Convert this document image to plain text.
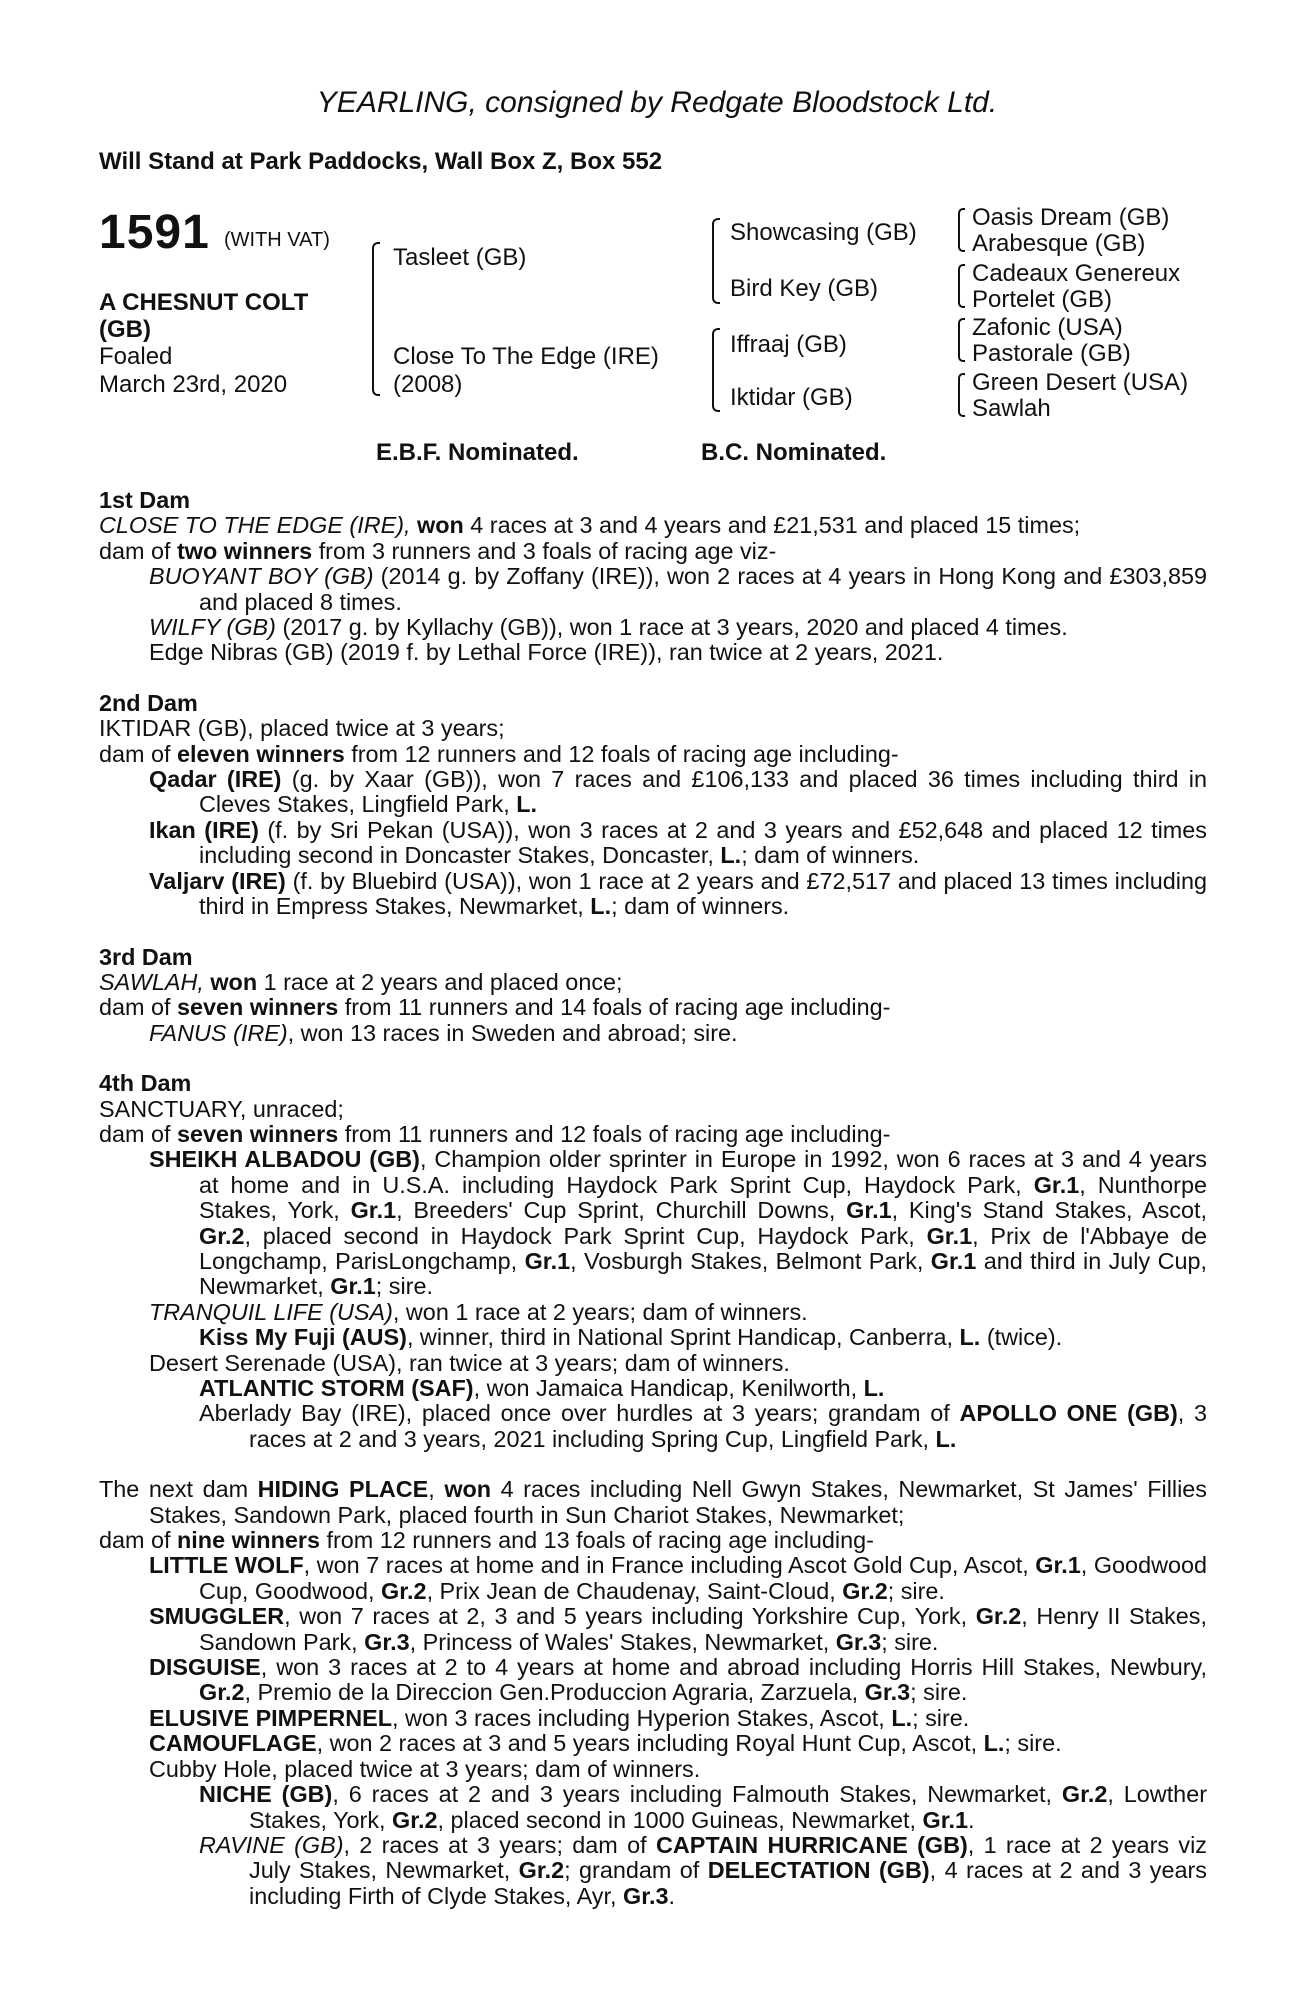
YEARLING, consigned by Redgate Bloodstock Ltd.
Will Stand at Park Paddocks, Wall Box Z, Box 552
1591 (WITH VAT)
A CHESNUT COLT
(GB)
Foaled
March 23rd, 2020
Tasleet (GB)
Close To The Edge (IRE)
(2008)
Showcasing (GB)
Bird Key (GB)
Iffraaj (GB)
Iktidar (GB)
Oasis Dream (GB)
Arabesque (GB)
Cadeaux Genereux
Portelet (GB)
Zafonic (USA)
Pastorale (GB)
Green Desert (USA)
Sawlah
E.B.F. Nominated.	B.C. Nominated.

1st Dam

CLOSE TO THE EDGE (IRE), won 4 races at 3 and 4 years and £21,531 and placed 15 times;

dam of two winners from 3 runners and 3 foals of racing age viz-

BUOYANT BOY (GB) (2014 g. by Zoffany (IRE)), won 2 races at 4 years in Hong Kong and £303,859 and placed 8 times.

WILFY (GB) (2017 g. by Kyllachy (GB)), won 1 race at 3 years, 2020 and placed 4 times.

Edge Nibras (GB) (2019 f. by Lethal Force (IRE)), ran twice at 2 years, 2021.

2nd Dam

IKTIDAR (GB), placed twice at 3 years;

dam of eleven winners from 12 runners and 12 foals of racing age including-

Qadar (IRE) (g. by Xaar (GB)), won 7 races and £106,133 and placed 36 times including third in Cleves Stakes, Lingfield Park, L.

Ikan (IRE) (f. by Sri Pekan (USA)), won 3 races at 2 and 3 years and £52,648 and placed 12 times including second in Doncaster Stakes, Doncaster, L.; dam of winners.

Valjarv (IRE) (f. by Bluebird (USA)), won 1 race at 2 years and £72,517 and placed 13 times including third in Empress Stakes, Newmarket, L.; dam of winners.

3rd Dam

SAWLAH, won 1 race at 2 years and placed once;

dam of seven winners from 11 runners and 14 foals of racing age including-

FANUS (IRE), won 13 races in Sweden and abroad; sire.

4th Dam

SANCTUARY, unraced;

dam of seven winners from 11 runners and 12 foals of racing age including-

SHEIKH ALBADOU (GB), Champion older sprinter in Europe in 1992, won 6 races at 3 and 4 years at home and in U.S.A. including Haydock Park Sprint Cup, Haydock Park, Gr.1, Nunthorpe Stakes, York, Gr.1, Breeders' Cup Sprint, Churchill Downs, Gr.1, King's Stand Stakes, Ascot, Gr.2, placed second in Haydock Park Sprint Cup, Haydock Park, Gr.1, Prix de l'Abbaye de Longchamp, ParisLongchamp, Gr.1, Vosburgh Stakes, Belmont Park, Gr.1 and third in July Cup, Newmarket, Gr.1; sire.

TRANQUIL LIFE (USA), won 1 race at 2 years; dam of winners.

Kiss My Fuji (AUS), winner, third in National Sprint Handicap, Canberra, L. (twice).

Desert Serenade (USA), ran twice at 3 years; dam of winners.

ATLANTIC STORM (SAF), won Jamaica Handicap, Kenilworth, L.

Aberlady Bay (IRE), placed once over hurdles at 3 years; grandam of APOLLO ONE (GB), 3 races at 2 and 3 years, 2021 including Spring Cup, Lingfield Park, L.

The next dam HIDING PLACE, won 4 races including Nell Gwyn Stakes, Newmarket, St James' Fillies Stakes, Sandown Park, placed fourth in Sun Chariot Stakes, Newmarket;

dam of nine winners from 12 runners and 13 foals of racing age including-

LITTLE WOLF, won 7 races at home and in France including Ascot Gold Cup, Ascot, Gr.1, Goodwood Cup, Goodwood, Gr.2, Prix Jean de Chaudenay, Saint-Cloud, Gr.2; sire.

SMUGGLER, won 7 races at 2, 3 and 5 years including Yorkshire Cup, York, Gr.2, Henry II Stakes, Sandown Park, Gr.3, Princess of Wales' Stakes, Newmarket, Gr.3; sire.

DISGUISE, won 3 races at 2 to 4 years at home and abroad including Horris Hill Stakes, Newbury, Gr.2, Premio de la Direccion Gen.Produccion Agraria, Zarzuela, Gr.3; sire.

ELUSIVE PIMPERNEL, won 3 races including Hyperion Stakes, Ascot, L.; sire.

CAMOUFLAGE, won 2 races at 3 and 5 years including Royal Hunt Cup, Ascot, L.; sire.

Cubby Hole, placed twice at 3 years; dam of winners.

NICHE (GB), 6 races at 2 and 3 years including Falmouth Stakes, Newmarket, Gr.2, Lowther Stakes, York, Gr.2, placed second in 1000 Guineas, Newmarket, Gr.1.

RAVINE (GB), 2 races at 3 years; dam of CAPTAIN HURRICANE (GB), 1 race at 2 years viz July Stakes, Newmarket, Gr.2; grandam of DELECTATION (GB), 4 races at 2 and 3 years including Firth of Clyde Stakes, Ayr, Gr.3.
